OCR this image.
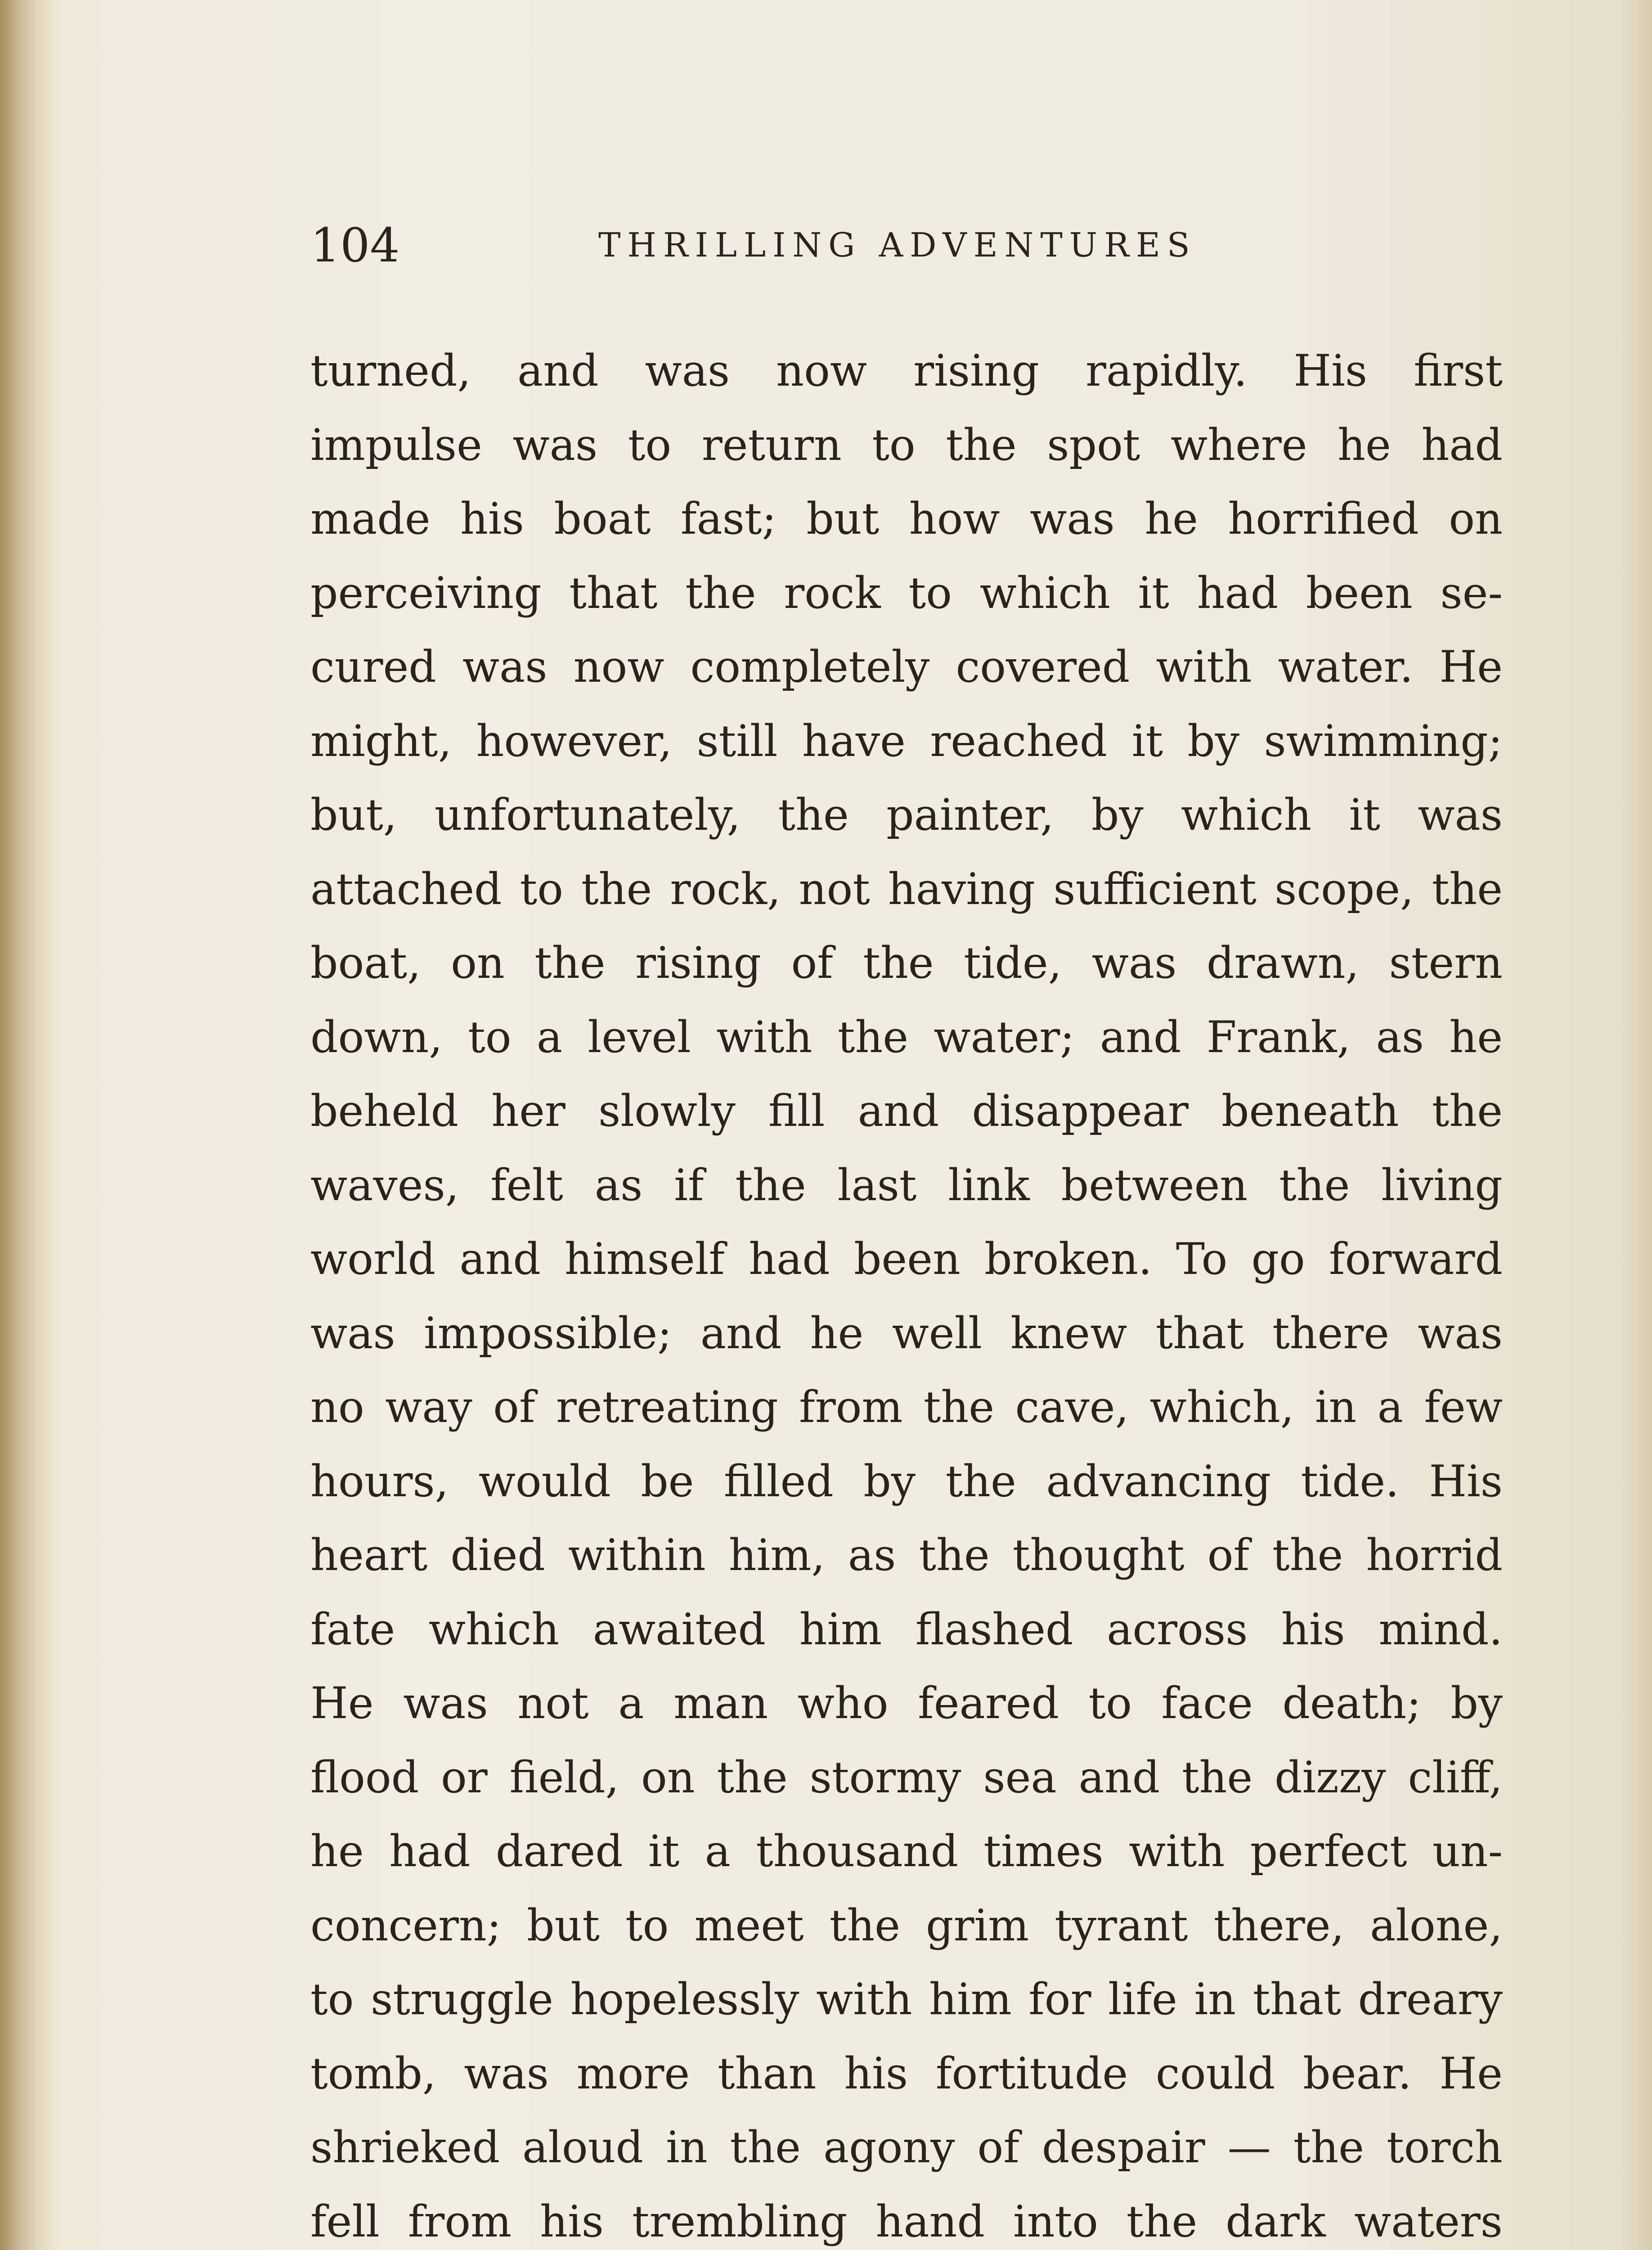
104	THRILLING ADVENTURES
turned, and was now rising rapidly. His first
impulse was to return to the spot where he had
made his boat fast; but how was he horrified on
perceiving that the rock to which it had been se-
cured was now completely covered with water. He
might, however, still have reached it by swimming;
but, unfortunately, the painter, by which it was
attached to the rock, not having sufficient scope, the
boat, on the rising of the tide, was drawn, stern
down, to a level with the water; and Frank, as he
beheld her slowly fill and disappear beneath the
waves, felt as if the last link between the living
world and himself had been broken. To go forward
was impossible; and he well knew that there was
no way of retreating from the cave, which, in a few
hours, would be filled by the advancing tide. His
heart died within him, as the thought of the horrid
fate which awaited him flashed across his mind.
He was not a man who feared to face death; by
flood or field, on the stormy sea and the dizzy cliff,
he had dared it a thousand times with perfect un-
concern; but to meet the grim tyrant there, alone,
to struggle hopelessly with him for life in that dreary
tomb, was more than his fortitude could bear. He
shrieked aloud in the agony of despair — the torch
fell from his trembling hand into the dark waters
